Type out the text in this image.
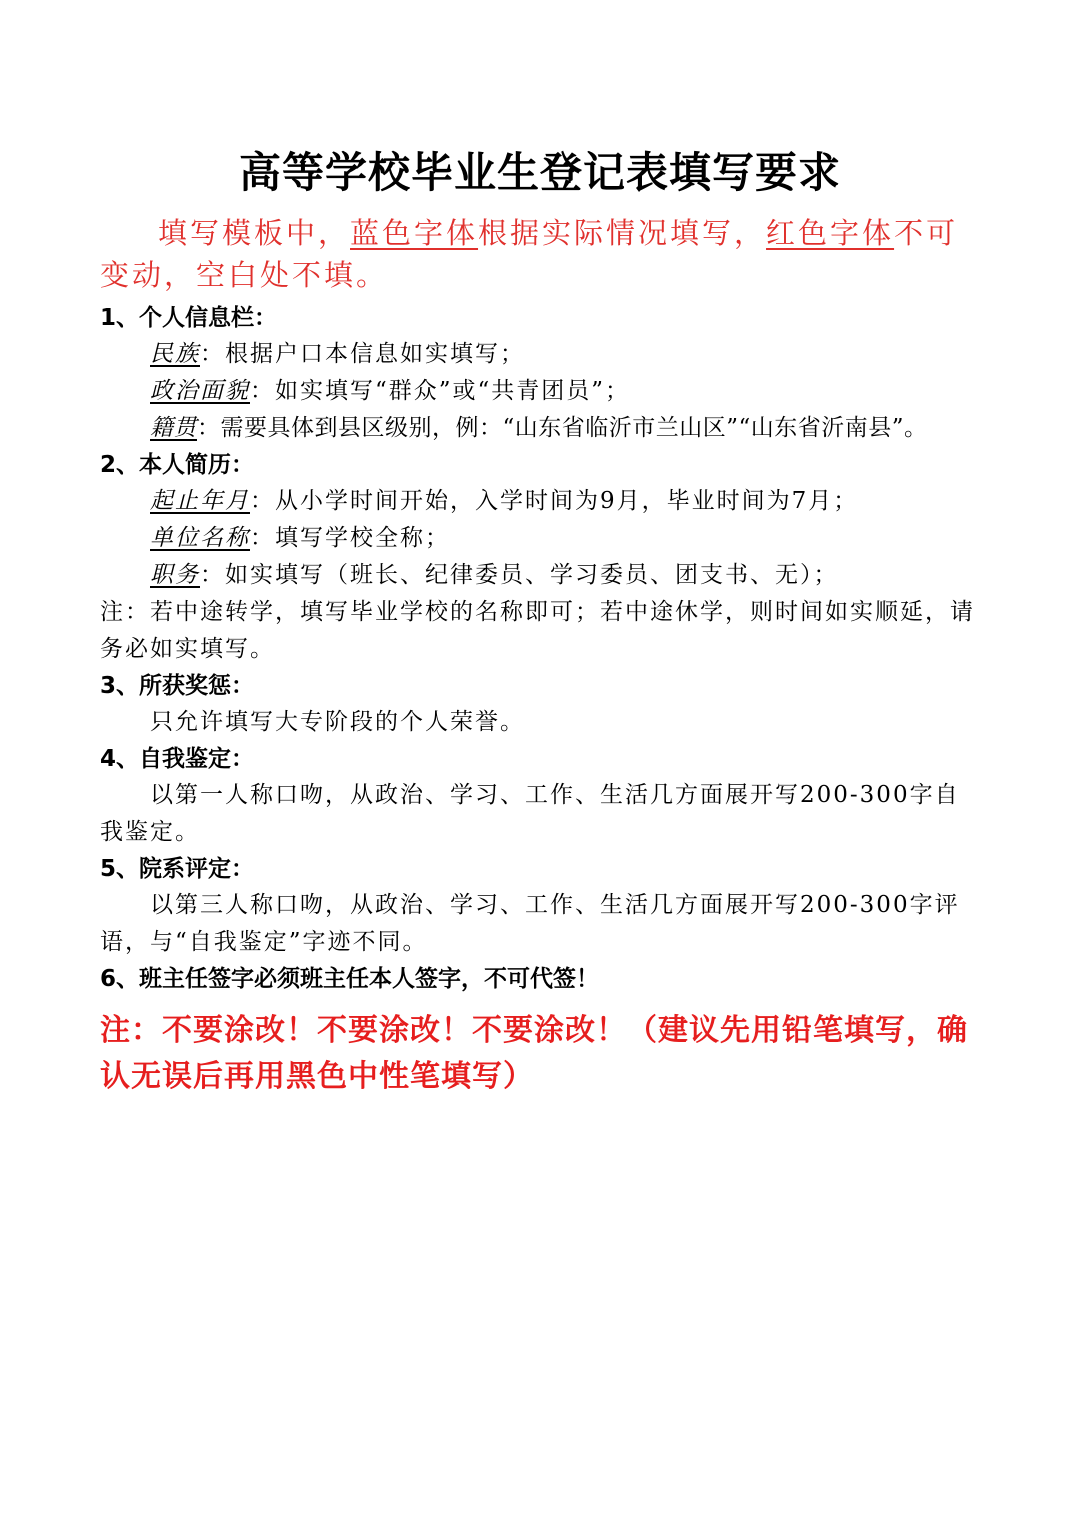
高等学校毕业生登记表填写要求
填写模板中，蓝色字体根据实际情况填写，红色字体不可变动，空白处不填。
1、个人信息栏：
民族：根据户口本信息如实填写；
政治面貌：如实填写“群众”或“共青团员”；
籍贯：需要具体到县区级别，例：“山东省临沂市兰山区”“山东省沂南县”。
2、本人简历：
起止年月：从小学时间开始，入学时间为9月，毕业时间为7月；
单位名称：填写学校全称；
职务：如实填写（班长、纪律委员、学习委员、团支书、无）；
注：若中途转学，填写毕业学校的名称即可；若中途休学，则时间如实顺延，请务必如实填写。
3、所获奖惩：
只允许填写大专阶段的个人荣誉。
4、自我鉴定：
以第一人称口吻，从政治、学习、工作、生活几方面展开写200-300字自我鉴定。
5、院系评定：
以第三人称口吻，从政治、学习、工作、生活几方面展开写200-300字评语，与“自我鉴定”字迹不同。
6、班主任签字必须班主任本人签字，不可代签！
注：不要涂改！不要涂改！不要涂改！（建议先用铅笔填写，确认无误后再用黑色中性笔填写）
